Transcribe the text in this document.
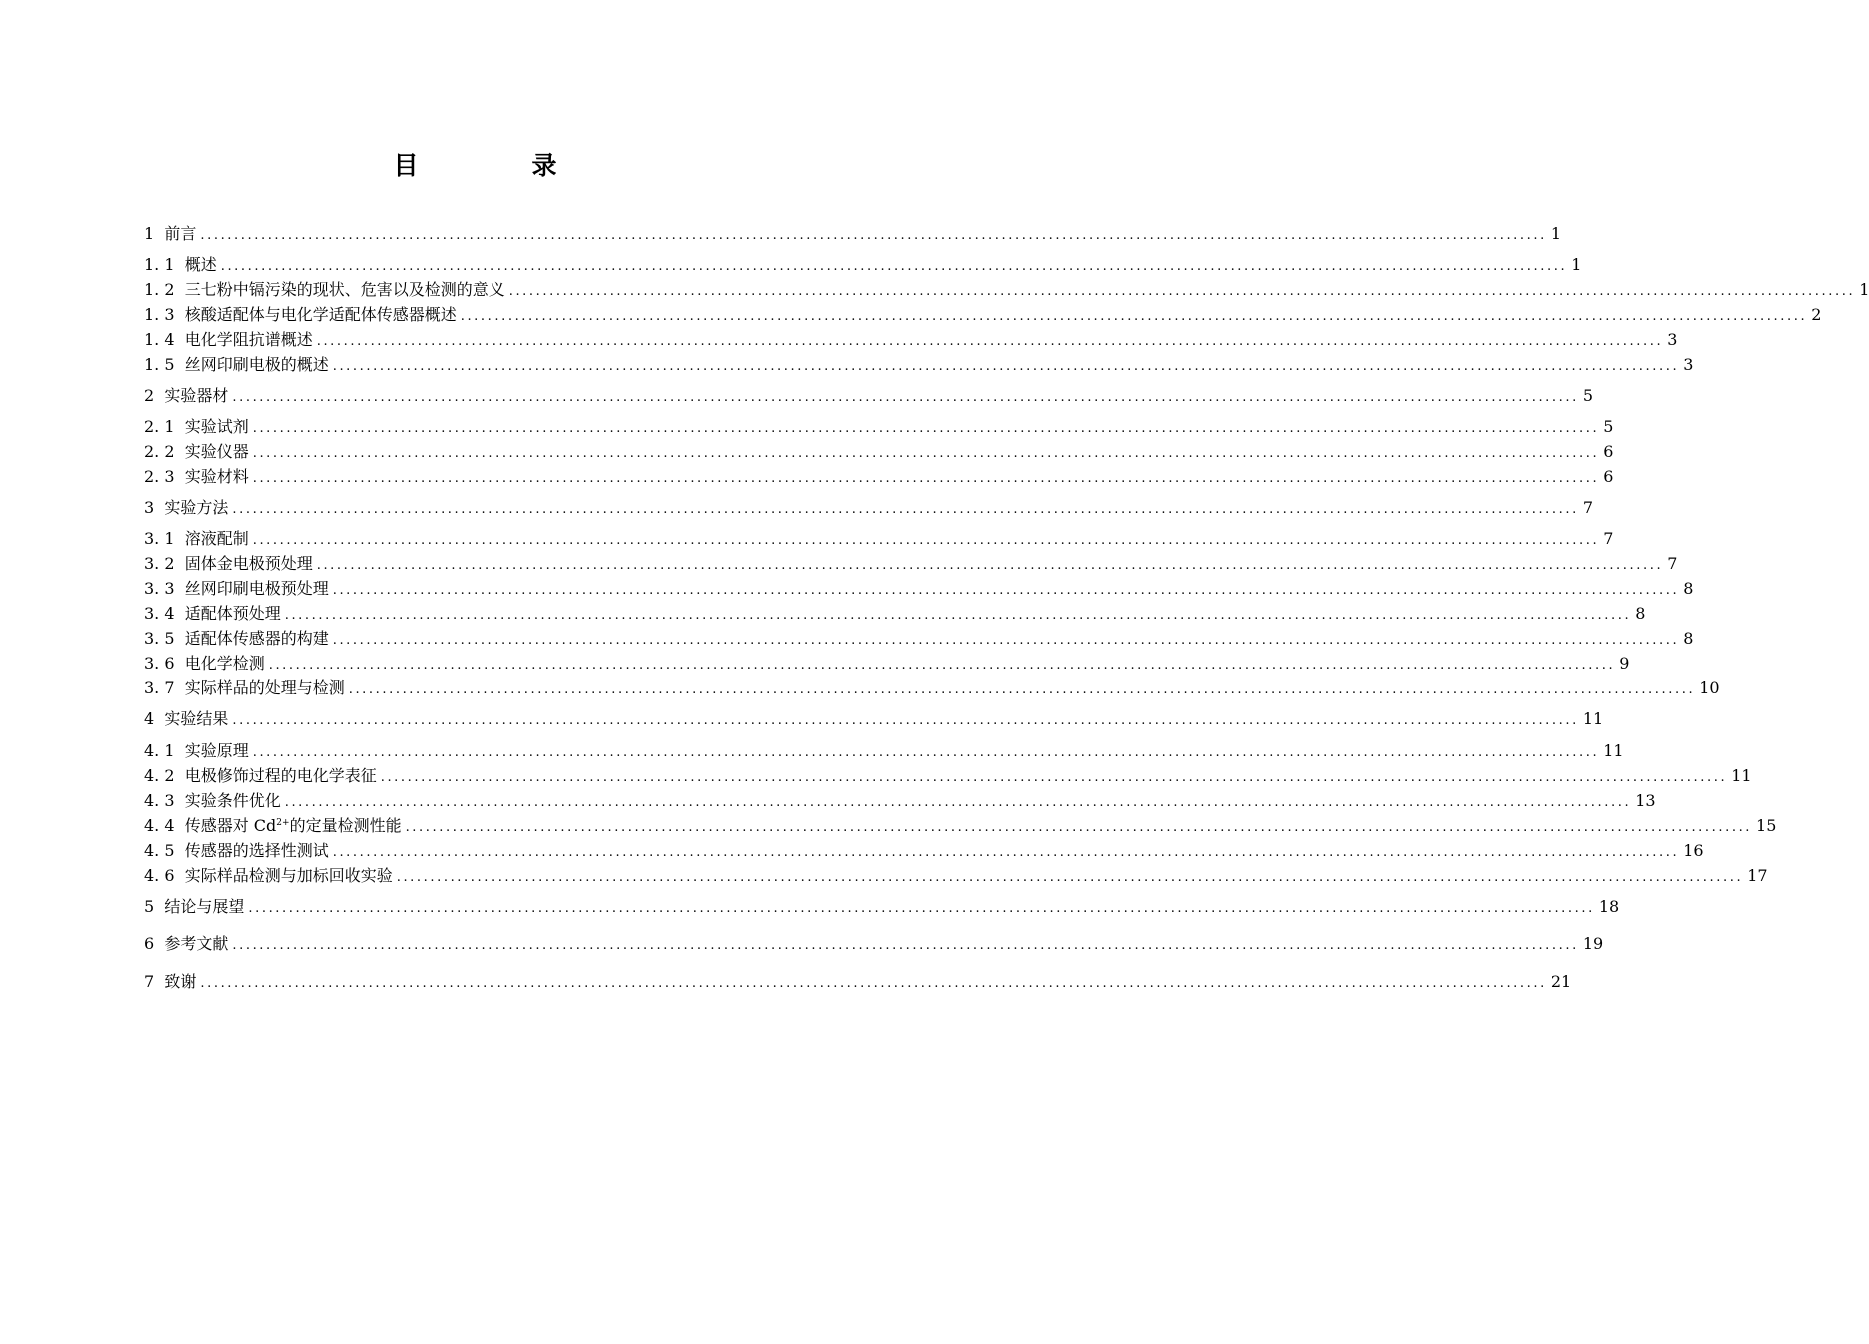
目　录
1 前言 ........................................................................................................................................................................................................ 1
1. 1 概述 ........................................................................................................................................................................................................ 1
1. 2 三七粉中镉污染的现状、危害以及检测的意义 ........................................................................................................................................................................................................ 1
1. 3 核酸适配体与电化学适配体传感器概述 ........................................................................................................................................................................................................ 2
1. 4 电化学阻抗谱概述 ........................................................................................................................................................................................................ 3
1. 5 丝网印刷电极的概述 ........................................................................................................................................................................................................ 3
2 实验器材 ........................................................................................................................................................................................................ 5
2. 1 实验试剂 ........................................................................................................................................................................................................ 5
2. 2 实验仪器 ........................................................................................................................................................................................................ 6
2. 3 实验材料 ........................................................................................................................................................................................................ 6
3 实验方法 ........................................................................................................................................................................................................ 7
3. 1 溶液配制 ........................................................................................................................................................................................................ 7
3. 2 固体金电极预处理 ........................................................................................................................................................................................................ 7
3. 3 丝网印刷电极预处理 ........................................................................................................................................................................................................ 8
3. 4 适配体预处理 ........................................................................................................................................................................................................ 8
3. 5 适配体传感器的构建 ........................................................................................................................................................................................................ 8
3. 6 电化学检测 ........................................................................................................................................................................................................ 9
3. 7 实际样品的处理与检测 ........................................................................................................................................................................................................ 10
4 实验结果 ........................................................................................................................................................................................................ 11
4. 1 实验原理 ........................................................................................................................................................................................................ 11
4. 2 电极修饰过程的电化学表征 ........................................................................................................................................................................................................ 11
4. 3 实验条件优化 ........................................................................................................................................................................................................ 13
4. 4 传感器对 $Cd^{2+}$的定量检测性能 ........................................................................................................................................................................................................ 15
4. 5 传感器的选择性测试 ........................................................................................................................................................................................................ 16
4. 6 实际样品检测与加标回收实验 ........................................................................................................................................................................................................ 17
5 结论与展望 ........................................................................................................................................................................................................ 18
6 参考文献 ........................................................................................................................................................................................................ 19
7 致谢 ........................................................................................................................................................................................................ 21
